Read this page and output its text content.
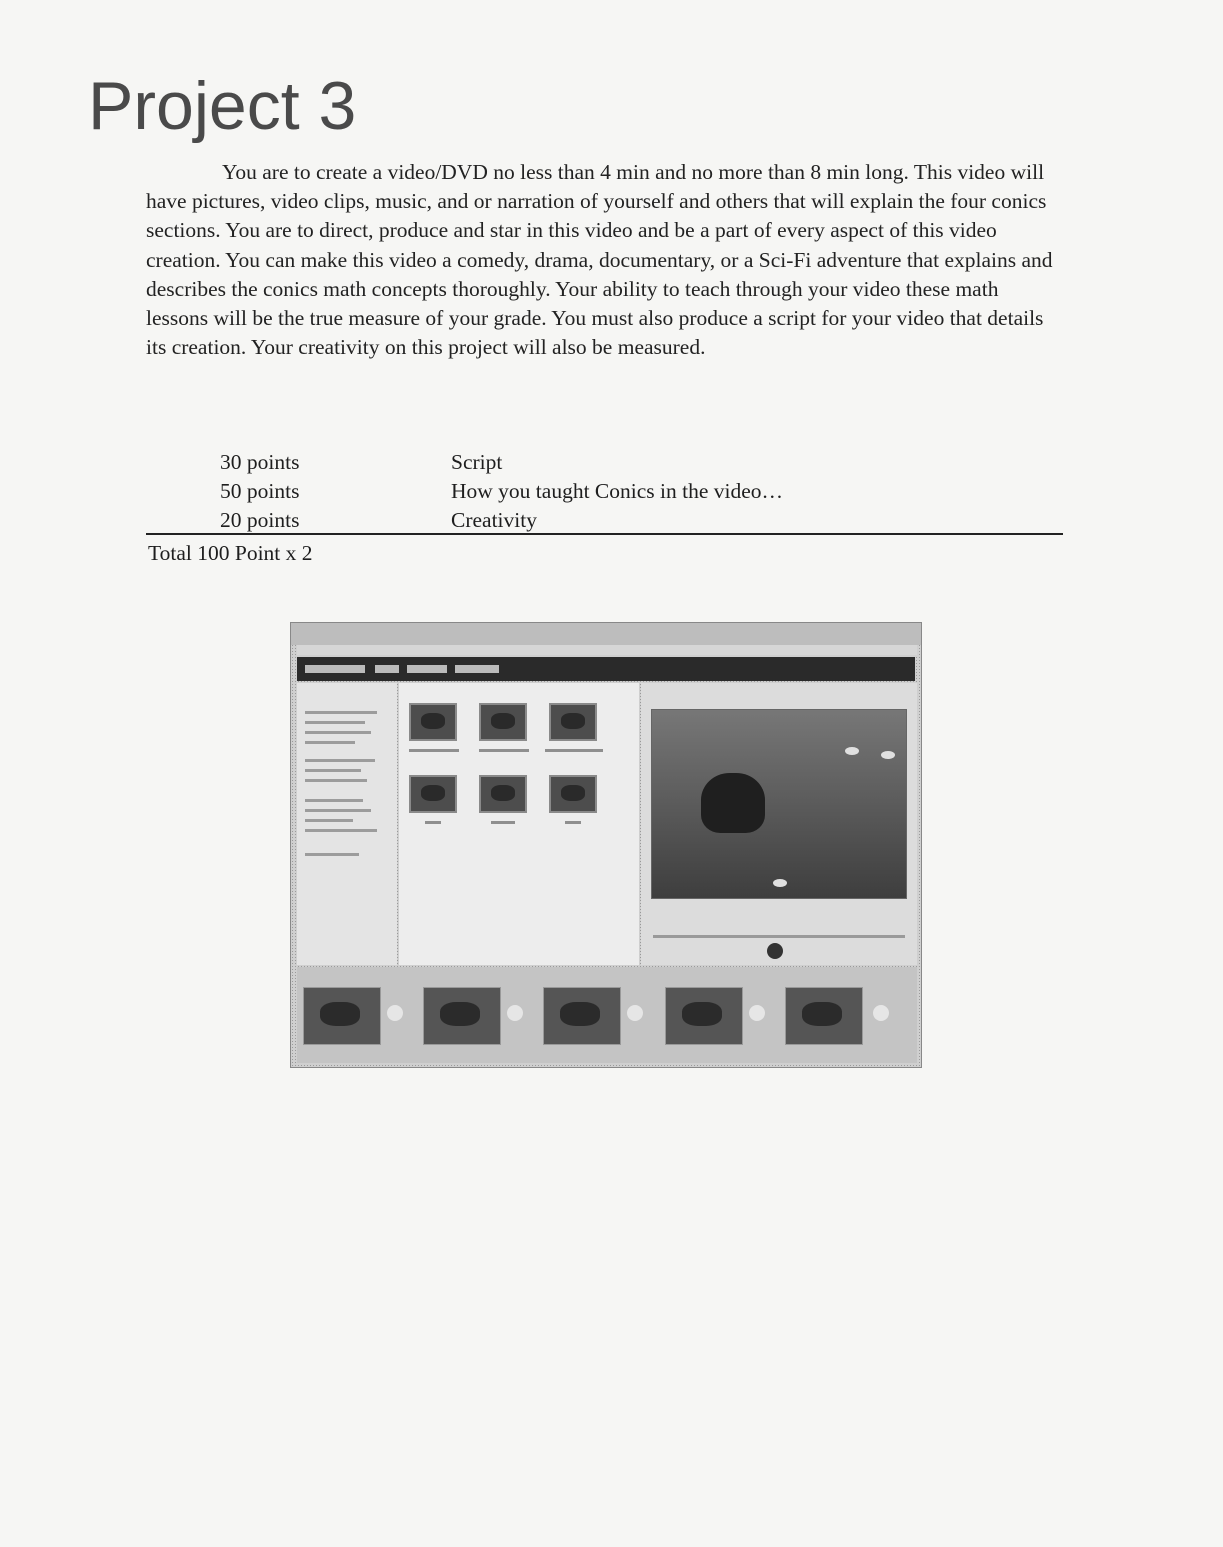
Project 3

You are to create a video/DVD no less than 4 min and no more than 8 min long. This video will have pictures, video clips, music, and or narration of yourself and others that will explain the four conics sections. You are to direct, produce and star in this video and be a part of every aspect of this video creation. You can make this video a comedy, drama, documentary, or a Sci-Fi adventure that explains and describes the conics math concepts thoroughly. Your ability to teach through your video these math lessons will be the true measure of your grade. You must also produce a script for your video that details its creation. Your creativity on this project will also be measured.

30 points	Script
50 points	How you taught Conics in the video…
20 points	Creativity
Total 100 Point x 2
